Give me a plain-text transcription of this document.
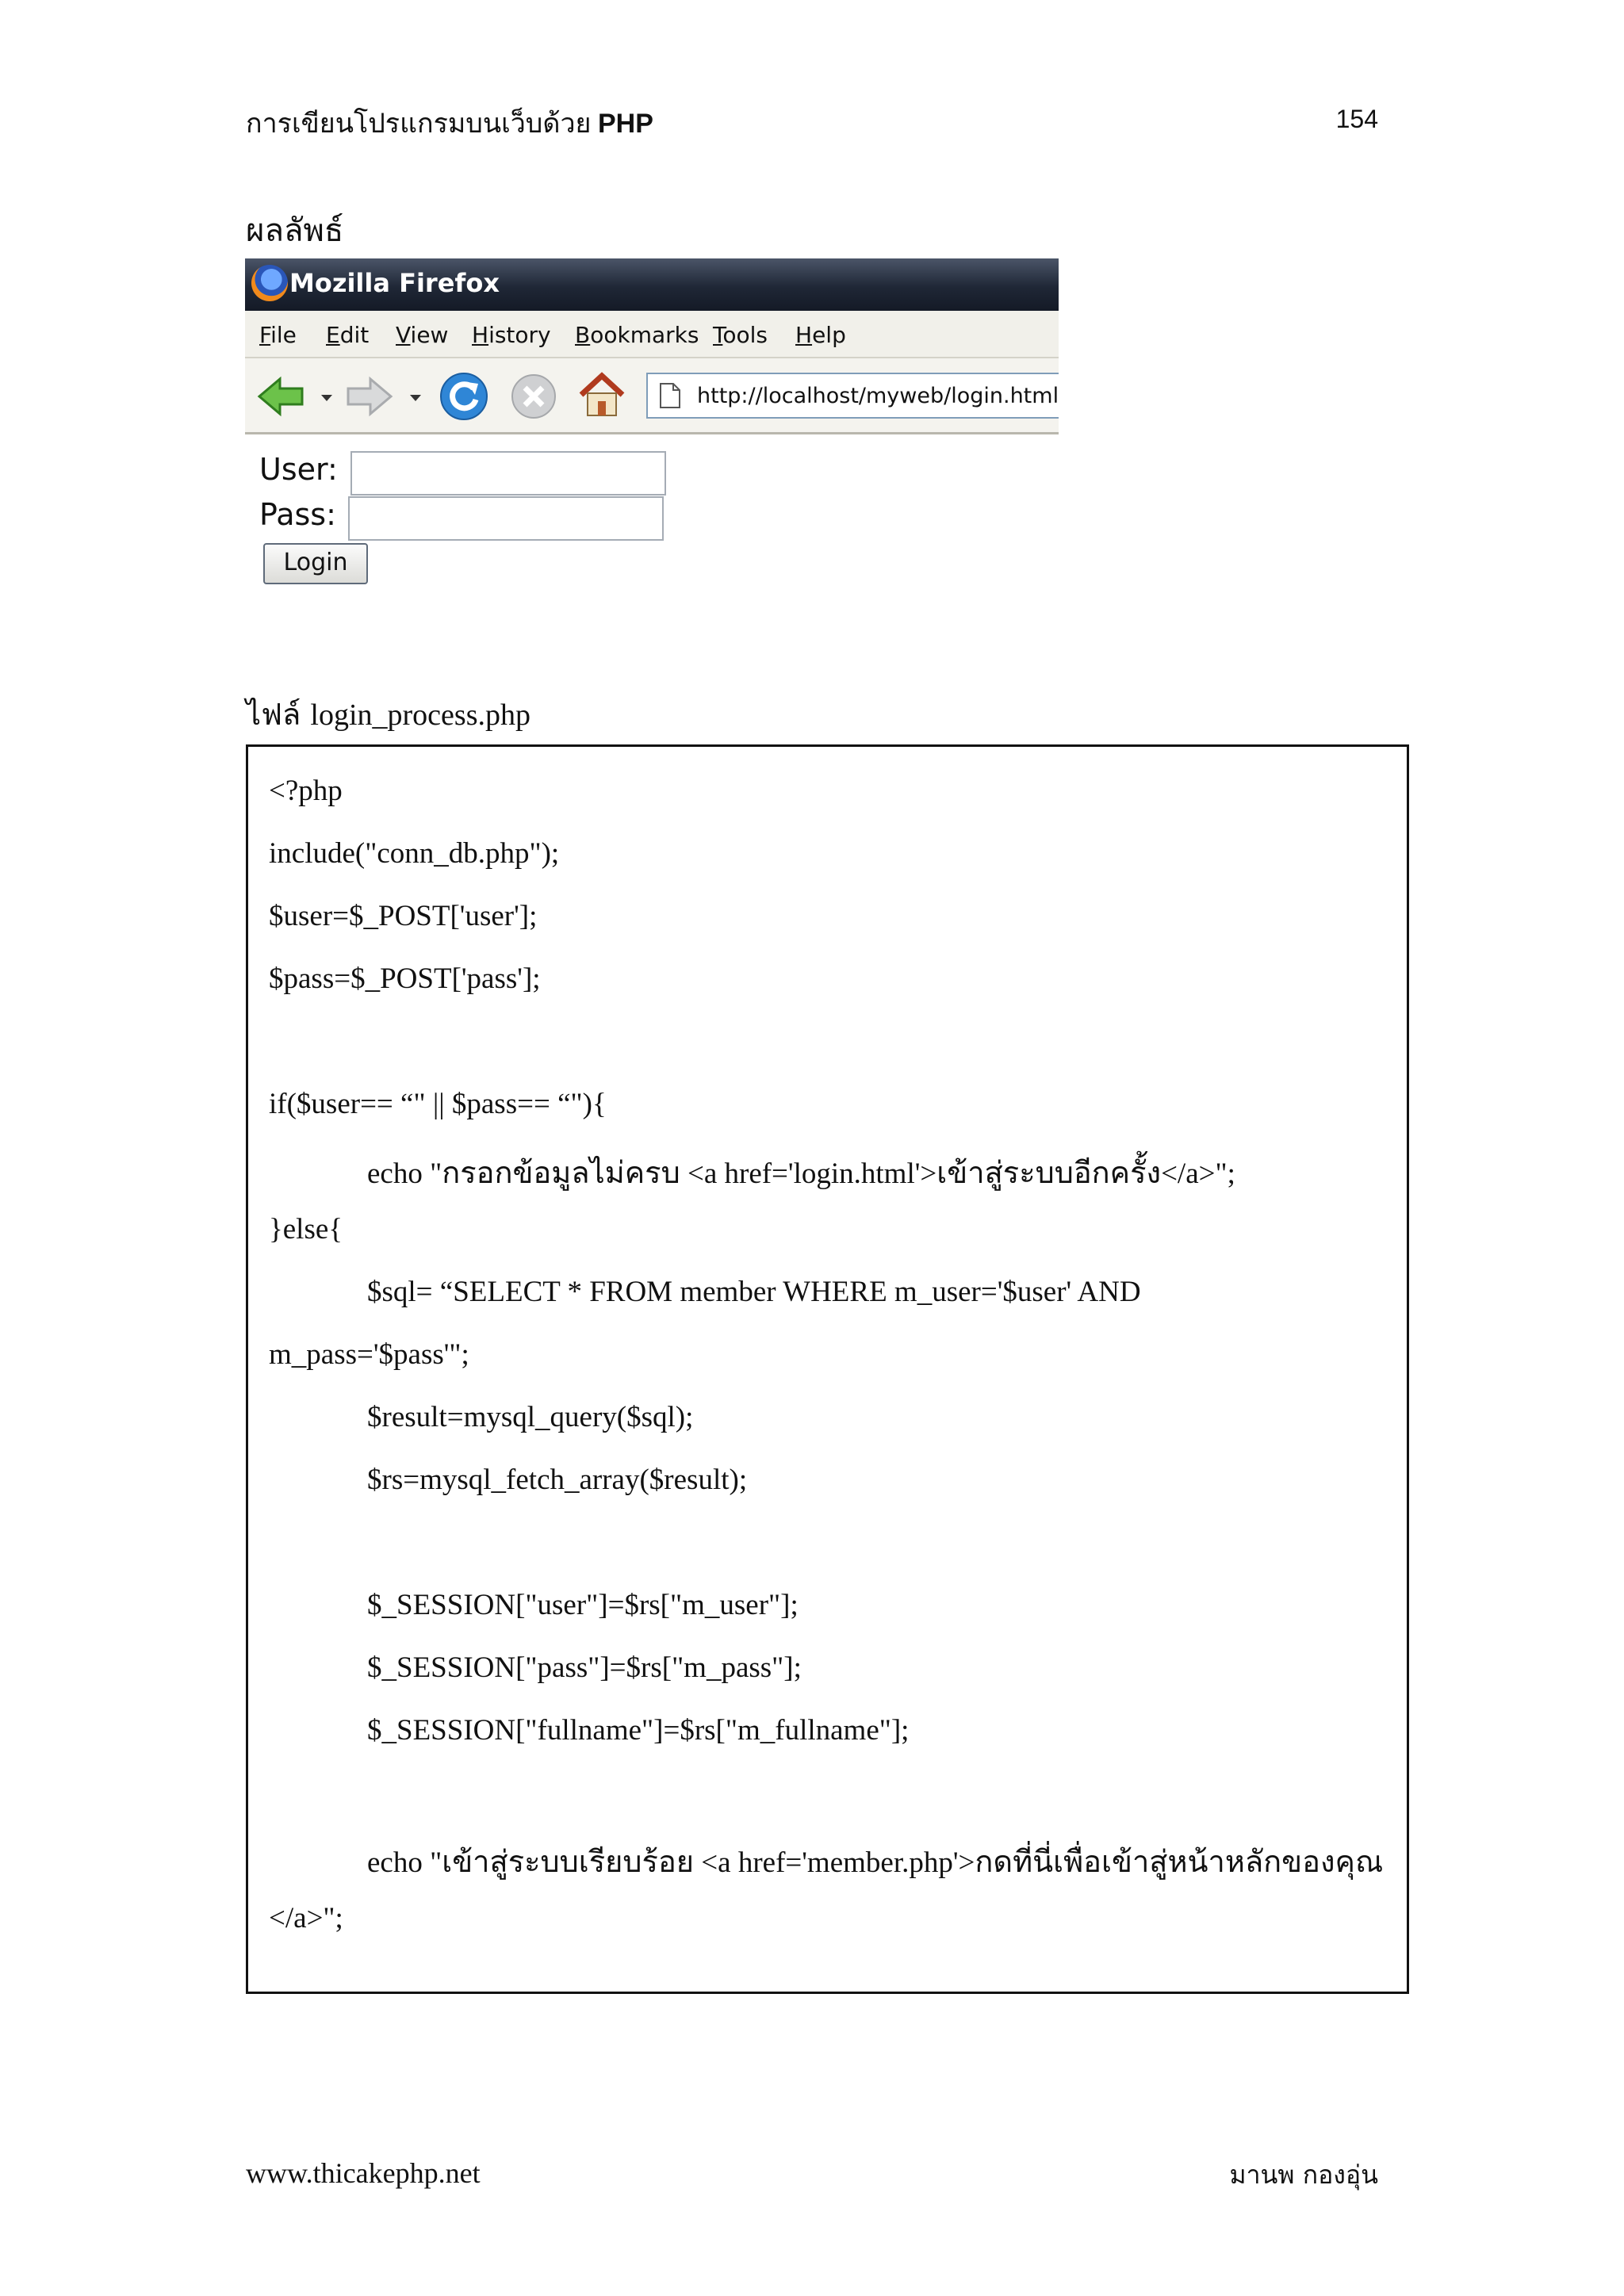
การเขียนโปรแกรมบนเว็บด้วย PHP	154
ผลลัพธ์
Mozilla Firefox
File Edit View History Bookmarks Tools Help
http://localhost/myweb/login.html
User:
Pass:
Login
ไฟล์ login_process.php
<?php
include("conn_db.php");
$user=$_POST['user'];
$pass=$_POST['pass'];
if($user== “" || $pass== “"){
echo "กรอกข้อมูลไม่ครบ <a href='login.html'>เข้าสู่ระบบอีกครั้ง</a>";
}else{
$sql= “SELECT * FROM member WHERE m_user='$user' AND
m_pass='$pass'";
$result=mysql_query($sql);
$rs=mysql_fetch_array($result);
$_SESSION["user"]=$rs["m_user"];
$_SESSION["pass"]=$rs["m_pass"];
$_SESSION["fullname"]=$rs["m_fullname"];
echo "เข้าสู่ระบบเรียบร้อย <a href='member.php'>กดที่นี่เพื่อเข้าสู่หน้าหลักของคุณ
</a>";
www.thicakephp.net	มานพ กองอุ่น
